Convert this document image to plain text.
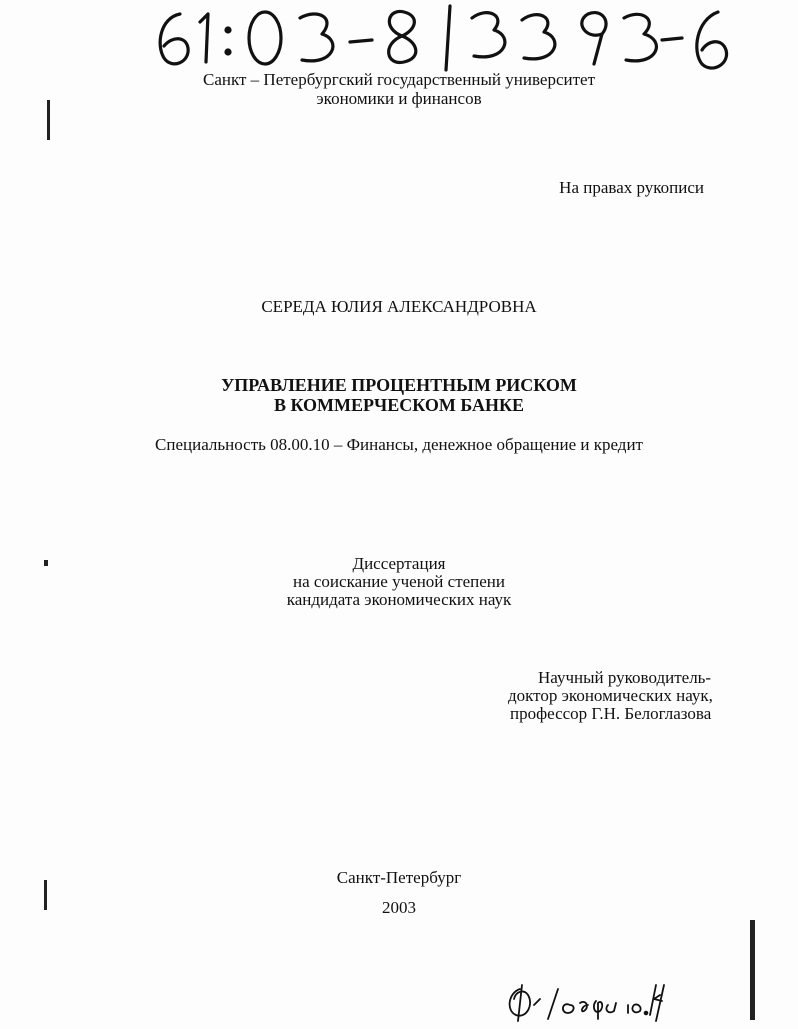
Санкт – Петербургский государственный университет
экономики и финансов
На правах рукописи
СЕРЕДА ЮЛИЯ АЛЕКСАНДРОВНА
УПРАВЛЕНИЕ ПРОЦЕНТНЫМ РИСКОМ
В КОММЕРЧЕСКОМ БАНКЕ
Специальность 08.00.10 – Финансы, денежное обращение и кредит
Диссертация
на соискание ученой степени
кандидата экономических наук
Научный руководитель-
доктор экономических наук,
профессор Г.Н. Белоглазова
Санкт-Петербург
2003
